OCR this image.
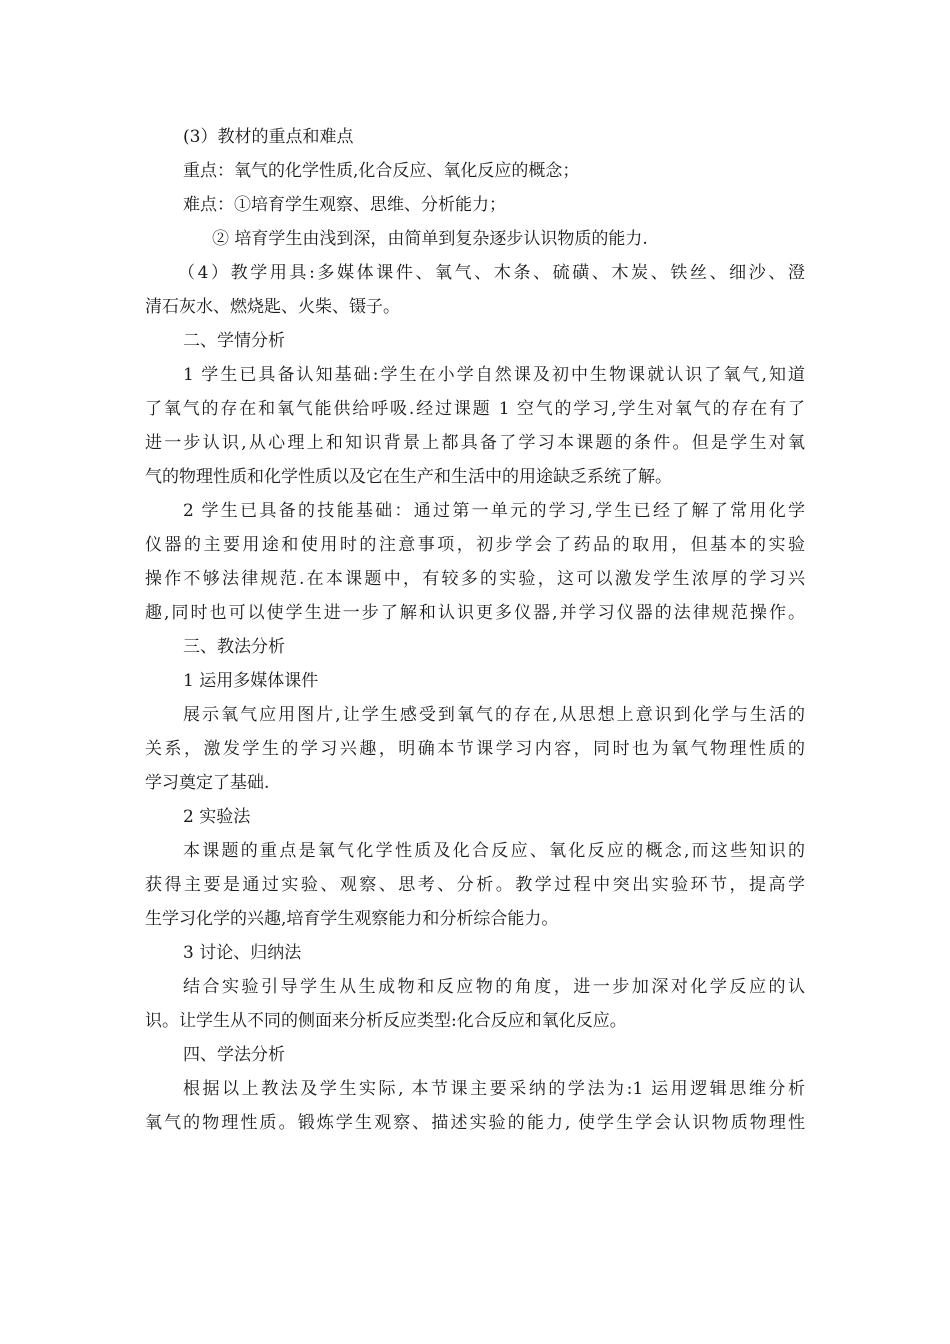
(3）教材的重点和难点
重点：氧气的化学性质,化合反应、氧化反应的概念；
难点：①培育学生观察、思维、分析能力；
② 培育学生由浅到深，由简单到复杂逐步认识物质的能力.
（4）教学用具:多媒体课件、氧气、木条、硫磺、木炭、铁丝、细沙、澄
清石灰水、燃烧匙、火柴、镊子。
二、学情分析
1 学生已具备认知基础:学生在小学自然课及初中生物课就认识了氧气,知道
了氧气的存在和氧气能供给呼吸.经过课题 1 空气的学习,学生对氧气的存在有了
进一步认识,从心理上和知识背景上都具备了学习本课题的条件。但是学生对氧
气的物理性质和化学性质以及它在生产和生活中的用途缺乏系统了解。
2 学生已具备的技能基础：通过第一单元的学习,学生已经了解了常用化学
仪器的主要用途和使用时的注意事项，初步学会了药品的取用，但基本的实验
操作不够法律规范.在本课题中，有较多的实验，这可以激发学生浓厚的学习兴
趣,同时也可以使学生进一步了解和认识更多仪器,并学习仪器的法律规范操作。
三、教法分析
1 运用多媒体课件
展示氧气应用图片,让学生感受到氧气的存在,从思想上意识到化学与生活的
关系，激发学生的学习兴趣，明确本节课学习内容，同时也为氧气物理性质的
学习奠定了基础.
2 实验法
本课题的重点是氧气化学性质及化合反应、氧化反应的概念,而这些知识的
获得主要是通过实验、观察、思考、分析。教学过程中突出实验环节，提高学
生学习化学的兴趣,培育学生观察能力和分析综合能力。
3 讨论、归纳法
结合实验引导学生从生成物和反应物的角度，进一步加深对化学反应的认
识。让学生从不同的侧面来分析反应类型:化合反应和氧化反应。
四、学法分析
根据以上教法及学生实际, 本节课主要采纳的学法为:1 运用逻辑思维分析
氧气的物理性质。锻炼学生观察、描述实验的能力, 使学生学会认识物质物理性
